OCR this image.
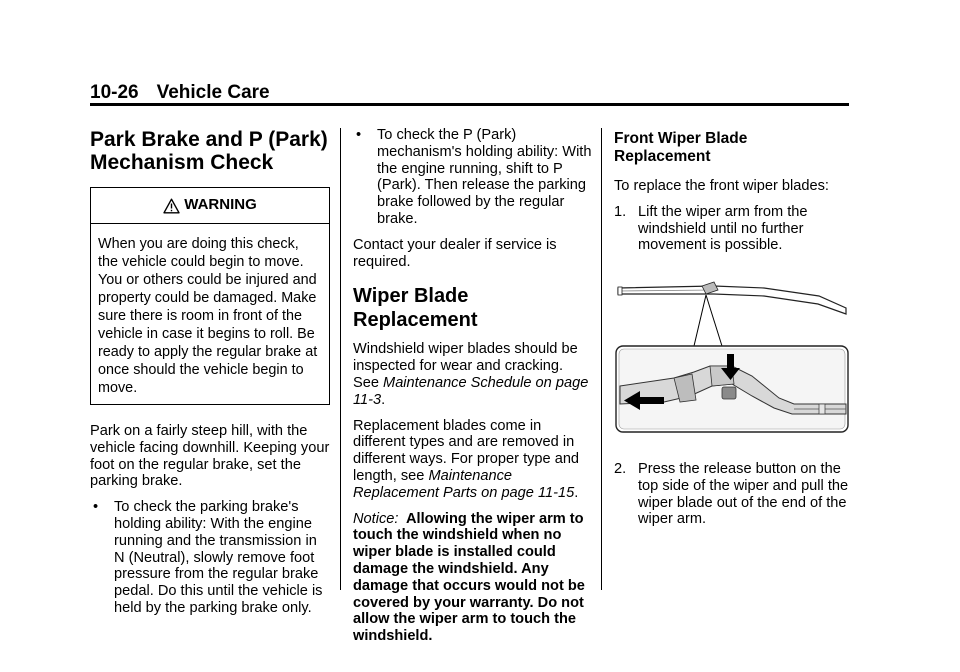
10-26 Vehicle Care
Park Brake and P (Park)
Mechanism Check
WARNING
When you are doing this check, the vehicle could begin to move. You or others could be injured and property could be damaged. Make sure there is room in front of the vehicle in case it begins to roll. Be ready to apply the regular brake at once should the vehicle begin to move.

Park on a fairly steep hill, with the vehicle facing downhill. Keeping your foot on the regular brake, set the parking brake.

• To check the parking brake's holding ability: With the engine running and the transmission in N (Neutral), slowly remove foot pressure from the regular brake pedal. Do this until the vehicle is held by the parking brake only.
• To check the P (Park) mechanism's holding ability: With the engine running, shift to P (Park). Then release the parking brake followed by the regular brake.

Contact your dealer if service is required.

Wiper Blade Replacement

Windshield wiper blades should be inspected for wear and cracking. See Maintenance Schedule on page 11-3.

Replacement blades come in different types and are removed in different ways. For proper type and length, see Maintenance Replacement Parts on page 11-15.

Notice: Allowing the wiper arm to touch the windshield when no wiper blade is installed could damage the windshield. Any damage that occurs would not be covered by your warranty. Do not allow the wiper arm to touch the windshield.

Front Wiper Blade
Replacement

To replace the front wiper blades:

1. Lift the wiper arm from the windshield until no further movement is possible.
2. Press the release button on the top side of the wiper and pull the wiper blade out of the end of the wiper arm.
